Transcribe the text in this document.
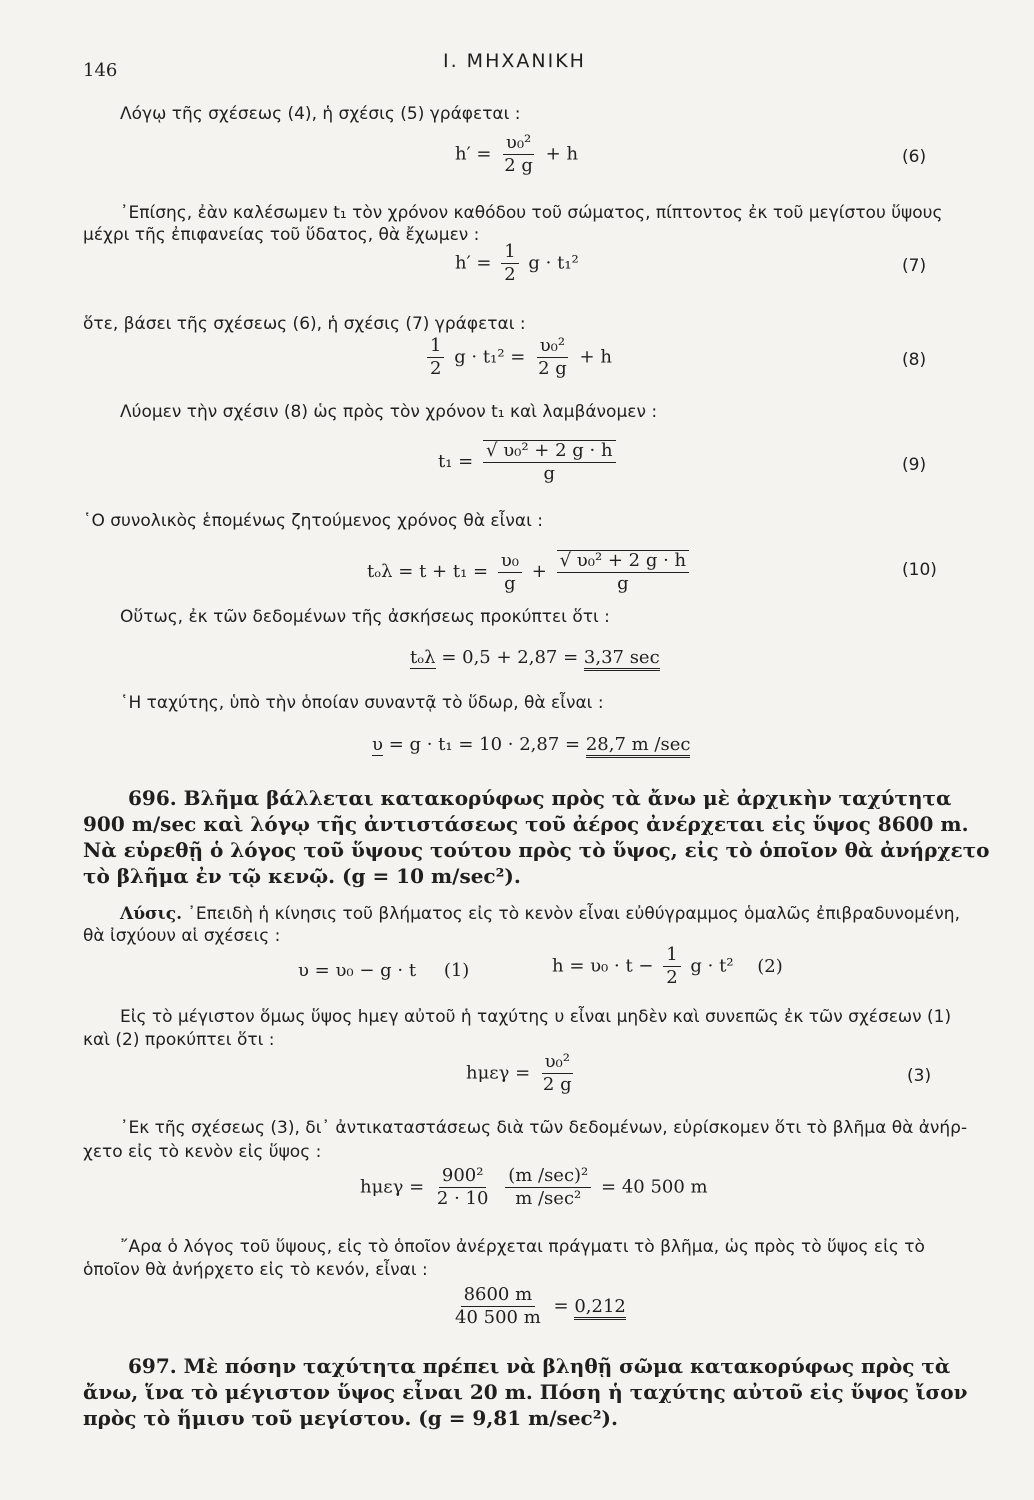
146	Ι. ΜΗΧΑΝΙΚΗ
Λόγῳ τῆς σχέσεως (4), ἡ σχέσις (5) γράφεται :
$h' = \frac{\text{υ₀²}}{2 g} + h$	(6)
᾿Επίσης, ἐὰν καλέσωμεν t₁ τὸν χρόνον καθόδου τοῦ σώματος, πίπτοντος ἐκ τοῦ μεγίστου ὕψους
μέχρι τῆς ἐπιφανείας τοῦ ὕδατος, θὰ ἔχωμεν :
$h' = \frac{1}{2}$ g · t₁²	(7)
ὅτε, βάσει τῆς σχέσεως (6), ἡ σχέσις (7) γράφεται :
$\frac{1}{2}$ $g \cdot t_1^2 = \frac{\text{υ₀²}}{2 g} + h$	(8)
Λύομεν τὴν σχέσιν (8) ὡς πρὸς τὸν χρόνον t₁ καὶ λαμβάνομεν :
$t_1 = \frac{\text{√ υ₀² + 2 g · h}}{g}$	(9)
῾Ο συνολικὸς ἑπομένως ζητούμενος χρόνος θὰ εἶναι :
$t_o\lambda = t + t_1 = \frac{\text{υ₀}}{g} + \frac{\text{√ υ₀² + 2 g · h}}{g}$	(10)
Οὕτως, ἐκ τῶν δεδομένων τῆς ἀσκήσεως προκύπτει ὅτι :
tₒλ = 0,5 + 2,87 = 3,37 sec
῾Η ταχύτης, ὑπὸ τὴν ὁποίαν συναντᾷ τὸ ὕδωρ, θὰ εἶναι :
υ = g · t₁ = 10 · 2,87 = 28,7 m /sec
696. Βλῆμα βάλλεται κατακορύφως πρὸς τὰ ἄνω μὲ ἀρχικὴν ταχύτητα
900 m/sec καὶ λόγῳ τῆς ἀντιστάσεως τοῦ ἀέρος ἀνέρχεται εἰς ὕψος 8600 m.
Νὰ εὑρεθῇ ὁ λόγος τοῦ ὕψους τούτου πρὸς τὸ ὕψος, εἰς τὸ ὁποῖον θὰ ἀνήρχετο
τὸ βλῆμα ἐν τῷ κενῷ. (g = 10 m/sec²).
Λύσις. ᾿Επειδὴ ἡ κίνησις τοῦ βλήματος εἰς τὸ κενὸν εἶναι εὐθύγραμμος ὁμαλῶς ἐπιβραδυνομένη,
θὰ ἰσχύουν αἱ σχέσεις :
υ = υ₀ − g · t (1)	$h = \upsilon_0 \cdot t - \frac{1}{2}$ g · t² (2)
Εἰς τὸ μέγιστον ὅμως ὕψος hμεγ αὐτοῦ ἡ ταχύτης υ εἶναι μηδὲν καὶ συνεπῶς ἐκ τῶν σχέσεων (1)
καὶ (2) προκύπτει ὅτι :
$h\mu\varepsilon\gamma = \frac{\text{υ₀²}}{2 g}$	(3)
᾿Εκ τῆς σχέσεως (3), δι᾿ ἀντικαταστάσεως διὰ τῶν δεδομένων, εὑρίσκομεν ὅτι τὸ βλῆμα θὰ ἀνήρ-
χετο εἰς τὸ κενὸν εἰς ὕψος :
$h\mu\varepsilon\gamma = \frac{\text{900²}}{2 \cdot 10}$
$\frac{\text{(m /sec)²}}{\text{m /sec²}} = 40$ 500 m
῎Αρα ὁ λόγος τοῦ ὕψους, εἰς τὸ ὁποῖον ἀνέρχεται πράγματι τὸ βλῆμα, ὡς πρὸς τὸ ὕψος εἰς τὸ
ὁποῖον θὰ ἀνήρχετο εἰς τὸ κενόν, εἶναι :
$\frac{8600 m}{40 500 m} = 0,212$
697. Μὲ πόσην ταχύτητα πρέπει νὰ βληθῇ σῶμα κατακορύφως πρὸς τὰ
ἄνω, ἵνα τὸ μέγιστον ὕψος εἶναι 20 m. Πόση ἡ ταχύτης αὐτοῦ εἰς ὕψος ἴσον
πρὸς τὸ ἥμισυ τοῦ μεγίστου. (g = 9,81 m/sec²).
